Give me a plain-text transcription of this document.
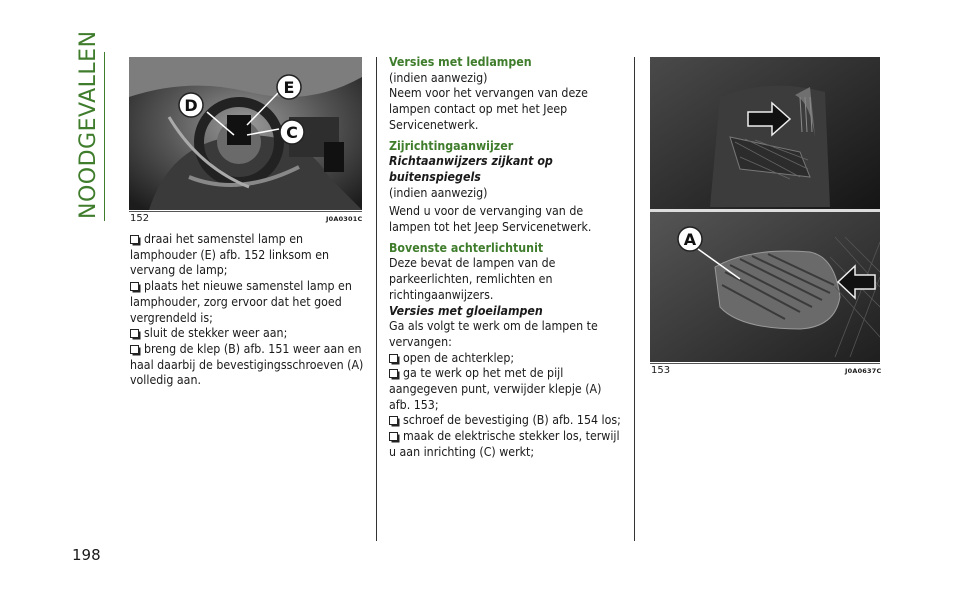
NOODGEVALLEN
198
D
E
C
152	J0A0301C

draai het samenstel lamp en lamphouder (E) afb. 152 linksom en vervang de lamp;

plaats het nieuwe samenstel lamp en lamphouder, zorg ervoor dat het goed vergrendeld is;

sluit de stekker weer aan;

breng de klep (B) afb. 151 weer aan en haal daarbij de bevestigingsschroeven (A) volledig aan.

Versies met ledlampen

(indien aanwezig)

Neem voor het vervangen van deze lampen contact op met het Jeep Servicenetwerk.

Zijrichtingaanwijzer

Richtaanwijzers zijkant op buitenspiegels

(indien aanwezig)

Wend u voor de vervanging van de lampen tot het Jeep Servicenetwerk.

Bovenste achterlichtunit

Deze bevat de lampen van de parkeerlichten, remlichten en richtingaanwijzers.

Versies met gloeilampen

Ga als volgt te werk om de lampen te vervangen:

open de achterklep;

ga te werk op het met de pijl aangegeven punt, verwijder klepje (A) afb. 153;

schroef de bevestiging (B) afb. 154 los;

maak de elektrische stekker los, terwijl u aan inrichting (C) werkt;

A
153	J0A0637C
